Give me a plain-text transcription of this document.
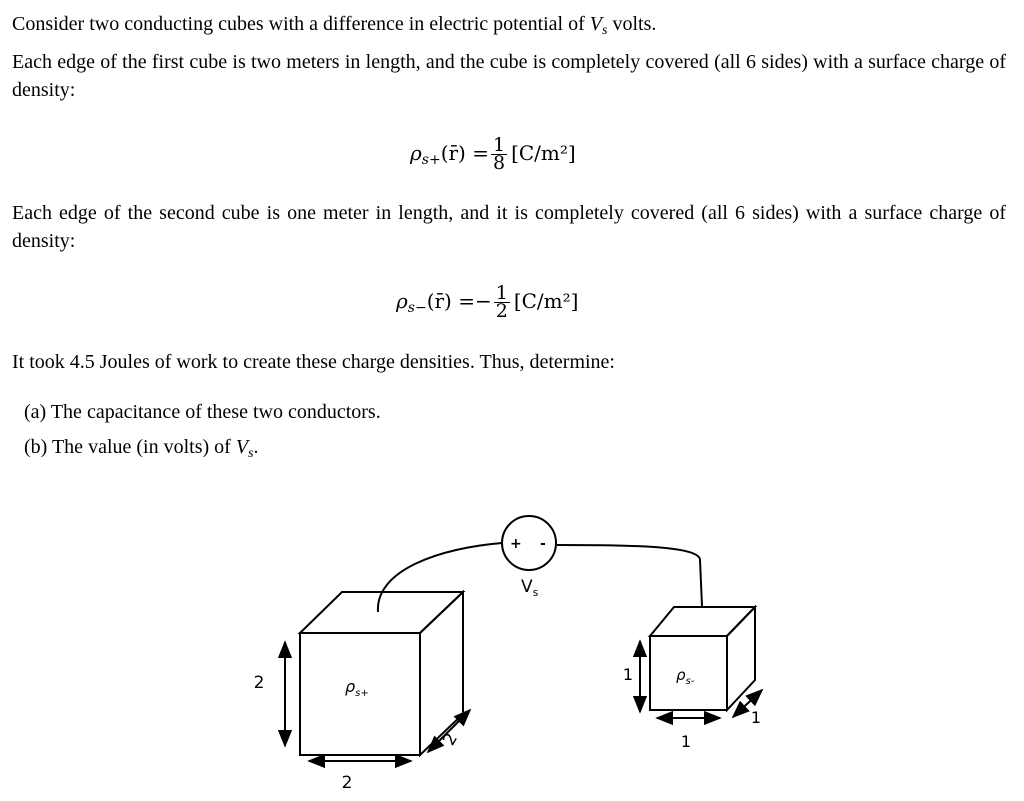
Consider two conducting cubes with a difference in electric potential of $V_s$ volts.
Each edge of the first cube is two meters in length, and the cube is completely covered (all 6 sides) with a surface charge of density:
$\rho_{s+}(r̄) = \frac{1}{8} [C/m^2]$
Each edge of the second cube is one meter in length, and it is completely covered (all 6 sides) with a surface charge of density:
$\rho_{s-}(r̄) =- \frac{1}{2} [C/m^2]$
It took 4.5 Joules of work to create these charge densities. Thus, determine:
(a) The capacitance of these two conductors.
(b) The value (in volts) of $V_s$.
+ -
$V_s$
2
2
2
$\rho_{s+}$
1
1
1
$\rho_{s-}$
